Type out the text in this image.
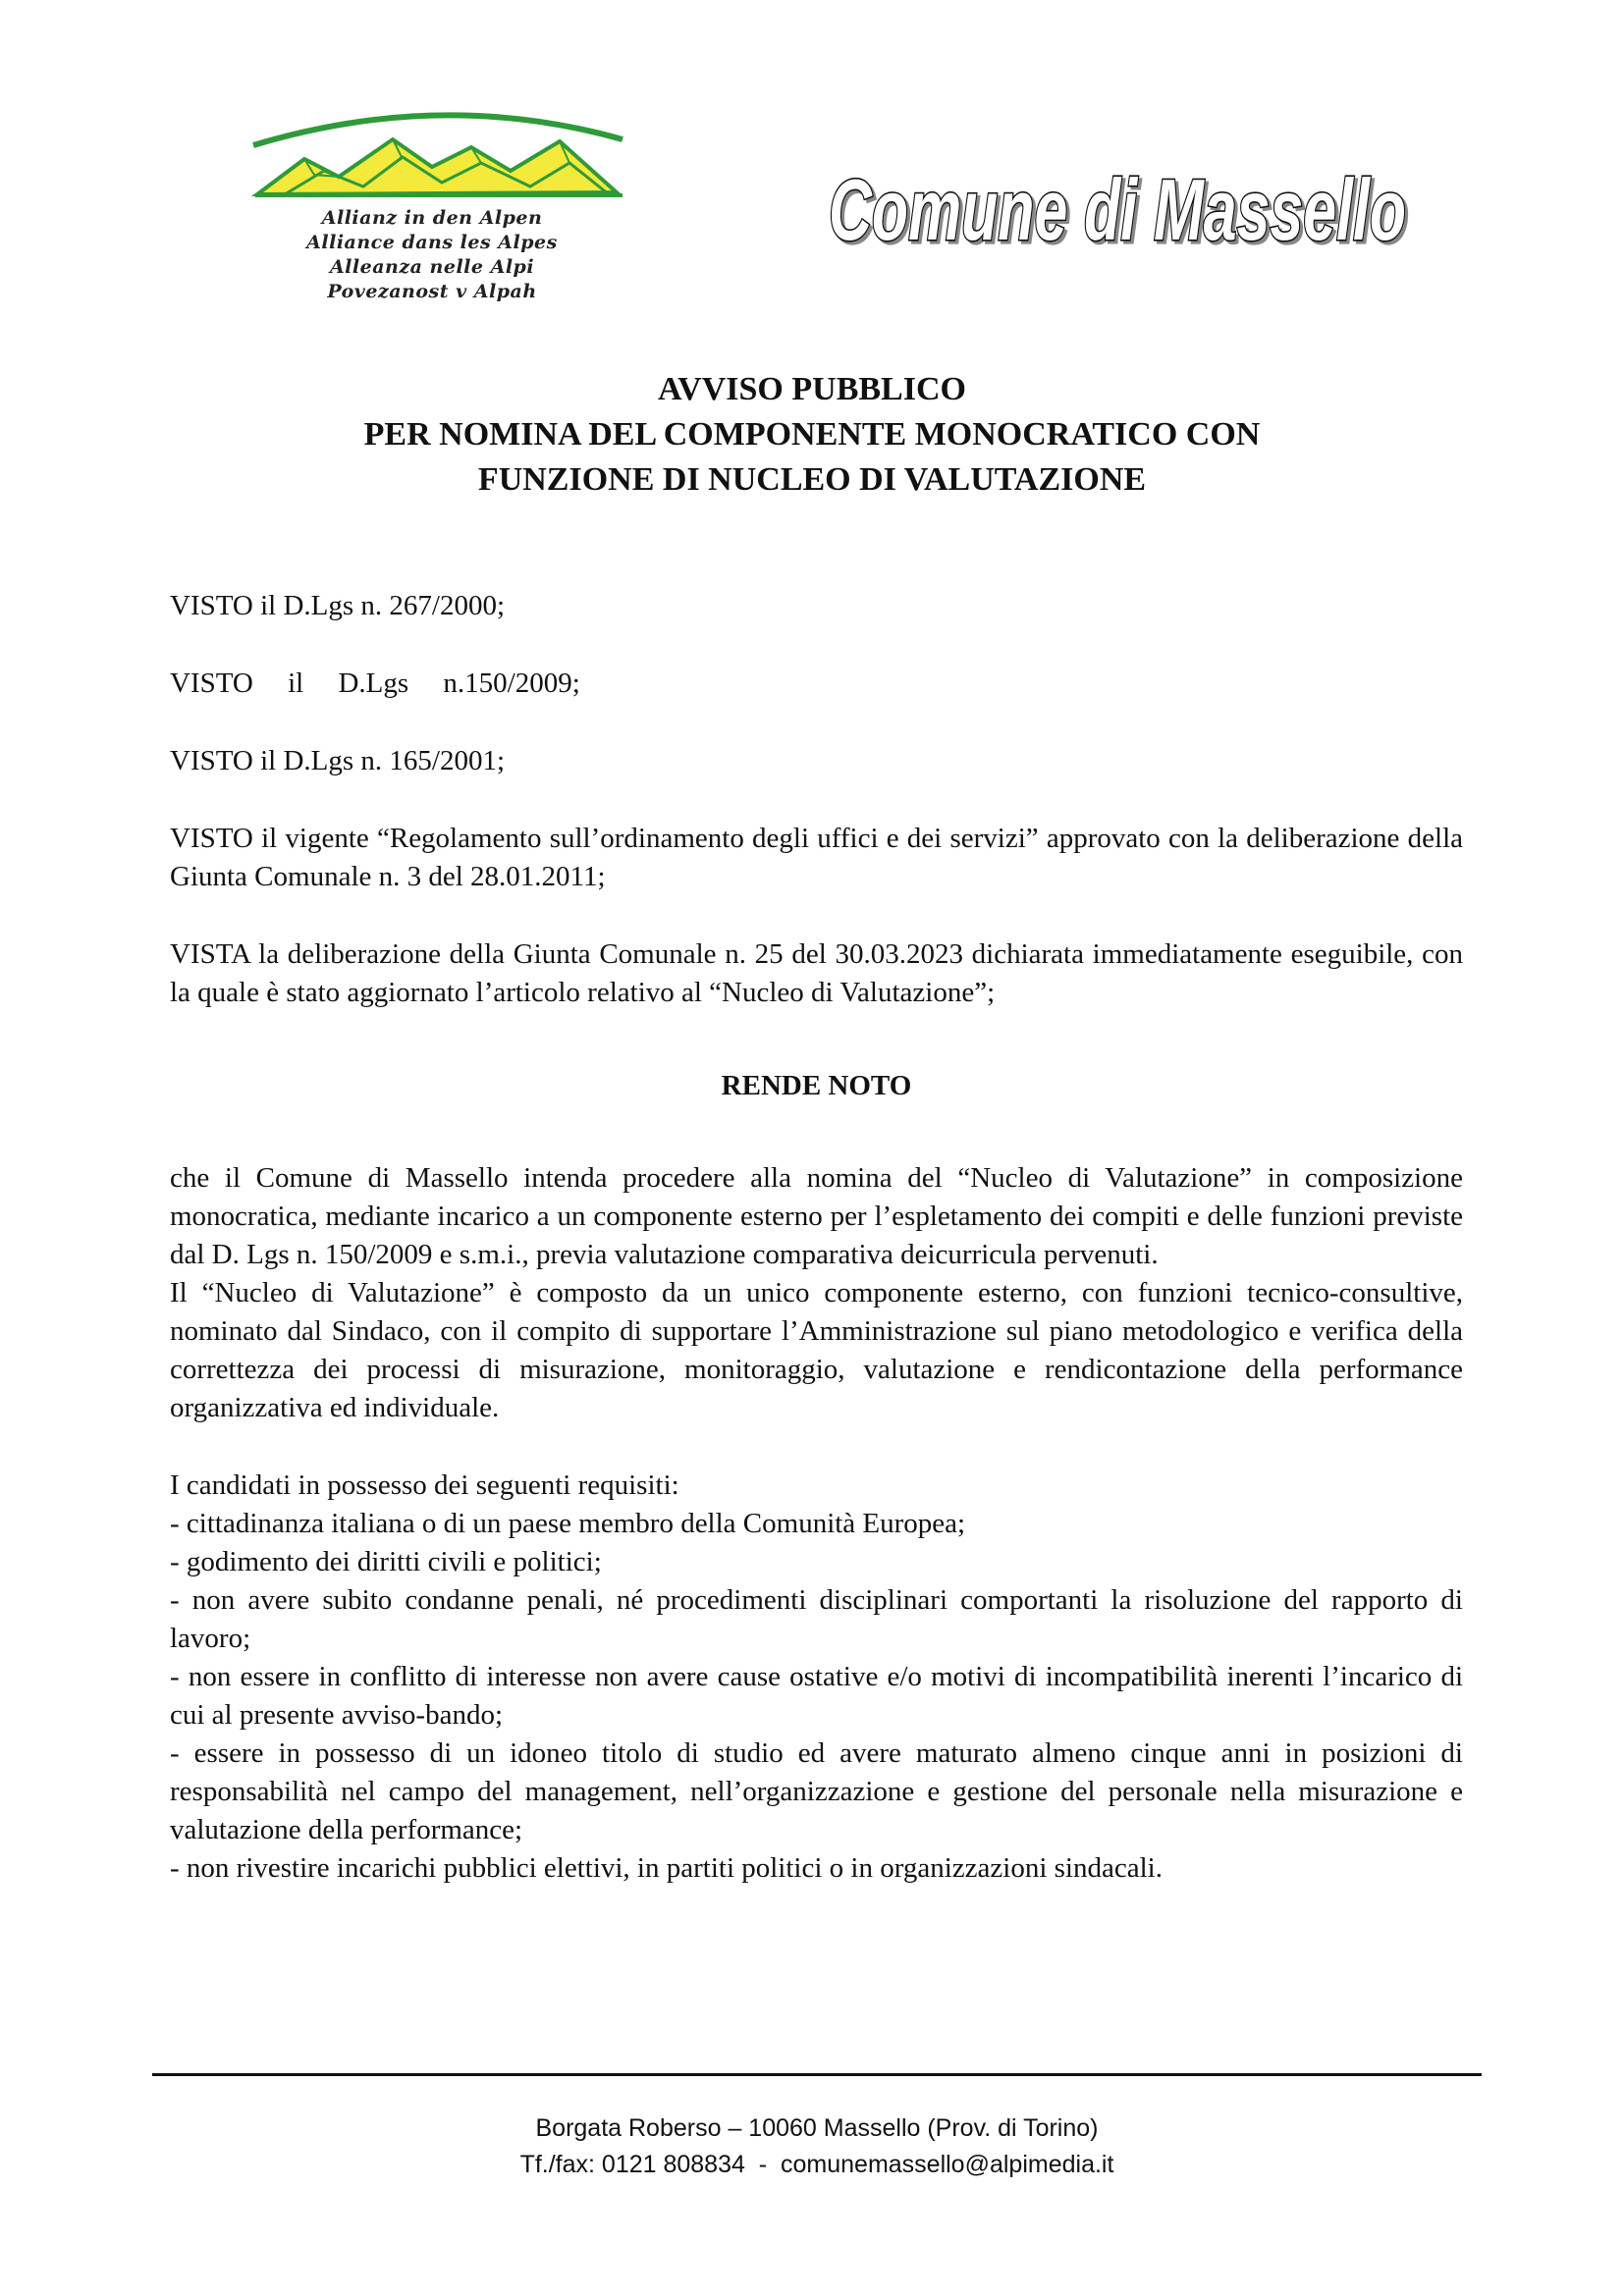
Allianz in den Alpen
Alliance dans les Alpes
Alleanza nelle Alpi
Povezanost v Alpah
Comune di Massello
AVVISO PUBBLICO
PER NOMINA DEL COMPONENTE MONOCRATICO CON
FUNZIONE DI NUCLEO DI VALUTAZIONE

VISTO il D.Lgs n. 267/2000;

VISTO il D.Lgs n.150/2009;

VISTO il D.Lgs n. 165/2001;

VISTO il vigente “Regolamento sull’ordinamento degli uffici e dei servizi” approvato con la deliberazione della Giunta Comunale n. 3 del 28.01.2011;

VISTA la deliberazione della Giunta Comunale n. 25 del 30.03.2023 dichiarata immediatamente eseguibile, con la quale è stato aggiornato l’articolo relativo al “Nucleo di Valutazione”;

RENDE NOTO

che il Comune di Massello intenda procedere alla nomina del “Nucleo di Valutazione” in composizione monocratica, mediante incarico a un componente esterno per l’espletamento dei compiti e delle funzioni previste dal D. Lgs n. 150/2009 e s.m.i., previa valutazione comparativa deicurricula pervenuti.

Il “Nucleo di Valutazione” è composto da un unico componente esterno, con funzioni tecnico-consultive, nominato dal Sindaco, con il compito di supportare l’Amministrazione sul piano metodologico e verifica della correttezza dei processi di misurazione, monitoraggio, valutazione e rendicontazione della performance organizzativa ed individuale.

I candidati in possesso dei seguenti requisiti:

- cittadinanza italiana o di un paese membro della Comunità Europea;

- godimento dei diritti civili e politici;

- non avere subito condanne penali, né procedimenti disciplinari comportanti la risoluzione del rapporto di lavoro;

- non essere in conflitto di interesse non avere cause ostative e/o motivi di incompatibilità inerenti l’incarico di cui al presente avviso-bando;

- essere in possesso di un idoneo titolo di studio ed avere maturato almeno cinque anni in posizioni di responsabilità nel campo del management, nell’organizzazione e gestione del personale nella misurazione e valutazione della performance;

- non rivestire incarichi pubblici elettivi, in partiti politici o in organizzazioni sindacali.

Borgata Roberso – 10060 Massello (Prov. di Torino)
Tf./fax: 0121 808834  -  comunemassello@alpimedia.it
